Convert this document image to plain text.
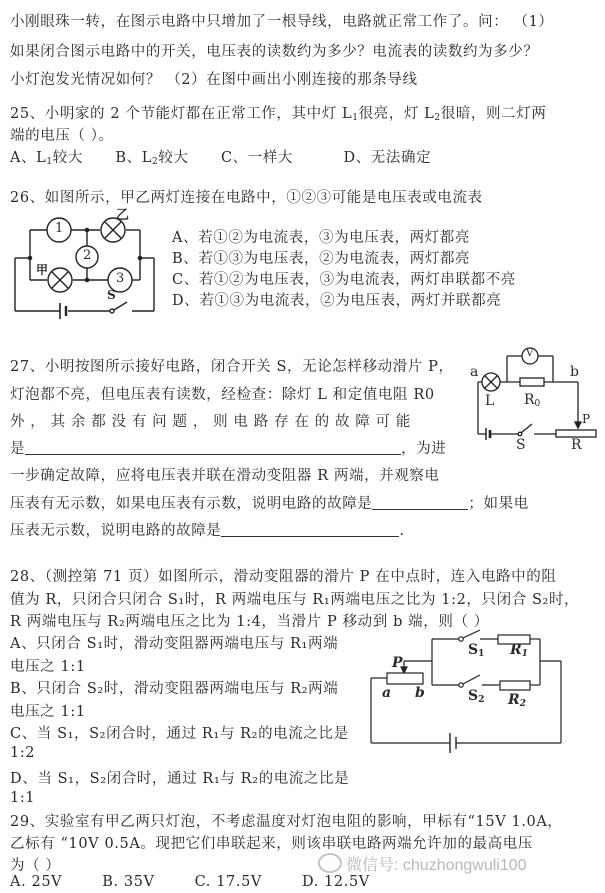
小刚眼珠一转，在图示电路中只增加了一根导线，电路就正常工作了。问： （1）
如果闭合图示电路中的开关，电压表的读数约为多少？电流表的读数约为多少？
小灯泡发光情况如何？ （2）在图中画出小刚连接的那条导线
25、小明家的 2 个节能灯都在正常工作，其中灯 $L_1$很亮，灯 $L_2$很暗，则二灯两
端的电压（ ）。
A、$L_1$较大 B、$L_2$较大 C、一样大	D、无法确定
26、如图所示，甲乙两灯连接在电路中，①②③可能是电压表或电流表
1
2
3
甲
乙
S
A、若①②为电流表，③为电压表，两灯都亮
B、若①③为电压表，②为电流表，两灯都亮
C、若①②为电压表，③为电流表，两灯串联都不亮
D、若①③为电流表，②为电压表，两灯并联都亮
27、小明按图所示接好电路，闭合开关 S，无论怎样移动滑片 P，
灯泡都不亮，但电压表有读数，经检查：除灯 L 和定值电阻 R0
外 ， 其 余 都 没 有 问 题 ， 则 电 路 存 在 的 故 障 可 能
是	，为进
一步确定故障，应将电压表并联在滑动变阻器 R 两端，并观察电
压表有无示数，如果电压表有示数，说明电路的故障是	；如果电
压表无示数，说明电路的故障是	.
V
a	b
L $R_0$
P
S	R
28、（测控第 71 页）如图所示，滑动变阻器的滑片 P 在中点时，连入电路中的阻
值为 R，只闭合只闭合 S₁时，R 两端电压与 R₁两端电压之比为 1:2，只闭合 S₂时，
R 两端电压与 R₂两端电压之比为 1:4，当滑片 P 移动到 b 端，则（ ）
A、只闭合 S₁时，滑动变阻器两端电压与 R₁两端
电压之 1:1
B、只闭合 S₂时，滑动变阻器两端电压与 R₂两端
电压之 1:1
C、当 S₁，S₂闭合时，通过 R₁与 R₂的电流之比是
1:2
D、当 S₁，S₂闭合时，通过 R₁与 R₂的电流之比是
1:1
P
a b
$S_1$ $R_1$
$S_2$ $R_2$
29、实验室有甲乙两只灯泡，不考虑温度对灯泡电阻的影响，甲标有“15V 1.0A，
乙标有 “10V 0.5A。现把它们串联起来，则该串联电路两端允许加的最高电压
为（ ）
A. 25V	B. 35V	C. 17.5V	D. 12.5V
微信号: chuzhongwuli100
